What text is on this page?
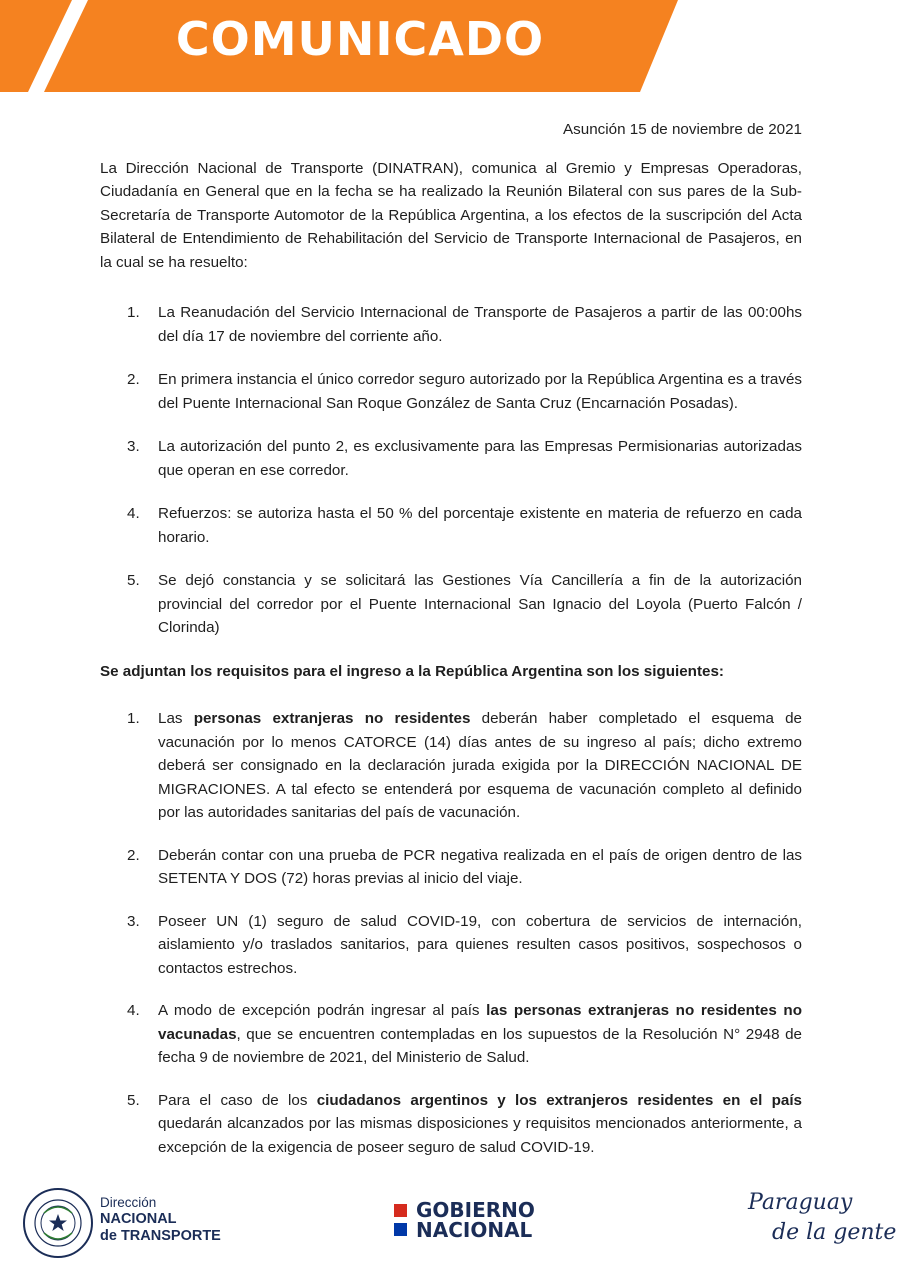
COMUNICADO
Asunción 15 de noviembre de 2021
La Dirección Nacional de Transporte (DINATRAN), comunica al Gremio y Empresas Operadoras, Ciudadanía en General que en la fecha se ha realizado la Reunión Bilateral con sus pares de la Sub-Secretaría de Transporte Automotor de la República Argentina, a los efectos de la suscripción del Acta Bilateral de Entendimiento de Rehabilitación del Servicio de Transporte Internacional de Pasajeros, en la cual se ha resuelto:
1. La Reanudación del Servicio Internacional de Transporte de Pasajeros a partir de las 00:00hs del día 17 de noviembre del corriente año.
2. En primera instancia el único corredor seguro autorizado por la República Argentina es a través del Puente Internacional San Roque González de Santa Cruz (Encarnación Posadas).
3. La autorización del punto 2, es exclusivamente para las Empresas Permisionarias autorizadas que operan en ese corredor.
4. Refuerzos: se autoriza hasta el 50 % del porcentaje existente en materia de refuerzo en cada horario.
5. Se dejó constancia y se solicitará las Gestiones Vía Cancillería a fin de la autorización provincial del corredor por el Puente Internacional San Ignacio del Loyola (Puerto Falcón / Clorinda)
Se adjuntan los requisitos para el ingreso a la República Argentina son los siguientes:
1. Las personas extranjeras no residentes deberán haber completado el esquema de vacunación por lo menos CATORCE (14) días antes de su ingreso al país; dicho extremo deberá ser consignado en la declaración jurada exigida por la DIRECCIÓN NACIONAL DE MIGRACIONES. A tal efecto se entenderá por esquema de vacunación completo al definido por las autoridades sanitarias del país de vacunación.
2. Deberán contar con una prueba de PCR negativa realizada en el país de origen dentro de las SETENTA Y DOS (72) horas previas al inicio del viaje.
3. Poseer UN (1) seguro de salud COVID-19, con cobertura de servicios de internación, aislamiento y/o traslados sanitarios, para quienes resulten casos positivos, sospechosos o contactos estrechos.
4. A modo de excepción podrán ingresar al país las personas extranjeras no residentes no vacunadas, que se encuentren contempladas en los supuestos de la Resolución N° 2948 de fecha 9 de noviembre de 2021, del Ministerio de Salud.
5. Para el caso de los ciudadanos argentinos y los extranjeros residentes en el país quedarán alcanzados por las mismas disposiciones y requisitos mencionados anteriormente, a excepción de la exigencia de poseer seguro de salud COVID-19.
Dirección
NACIONAL
de TRANSPORTE
GOBIERNO
NACIONAL
Paraguay
de la gente
